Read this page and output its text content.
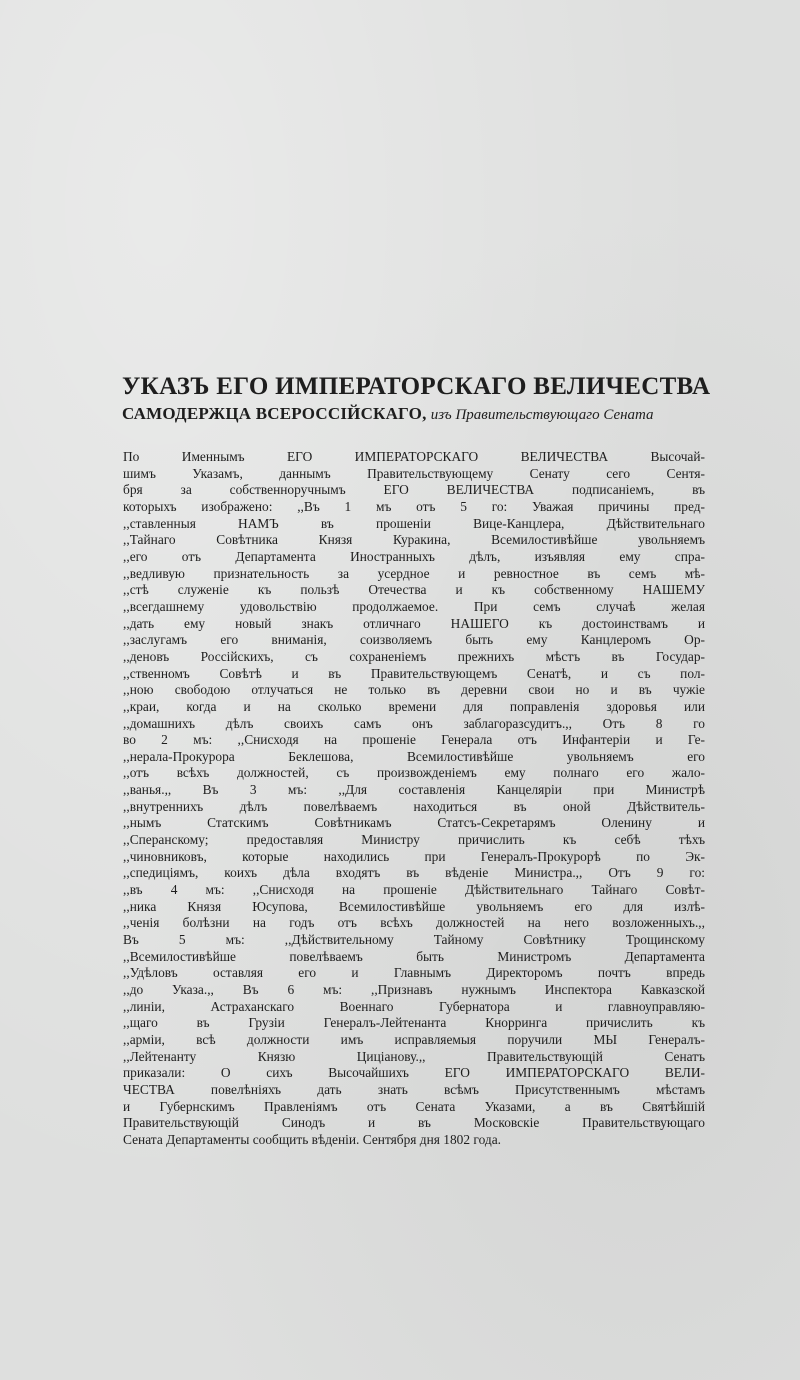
УКАЗЪ ЕГО ИМПЕРАТОРСКАГО ВЕЛИЧЕСТВА
САМОДЕРЖЦА ВСЕРОССІЙСКАГО, изъ Правительствующаго Сената
По Именнымъ ЕГО ИМПЕРАТОРСКАГО ВЕЛИЧЕСТВА Высочай-
шимъ Указамъ, даннымъ Правительствующему Сенату сего Сентя-
бря за собственноручнымъ ЕГО ВЕЛИЧЕСТВА подписаніемъ, въ
которыхъ изображено: ,,Въ 1 мъ отъ 5 го: Уважая причины пред-
,,ставленныя НАМЪ въ прошеніи Вице-Канцлера, Дѣйствительнаго
,,Тайнаго Совѣтника Князя Куракина, Всемилостивѣйше увольняемъ
,,его отъ Департамента Иностранныхъ дѣлъ, изъявляя ему спра-
,,ведливую признательность за усердное и ревностное въ семъ мѣ-
,,стѣ служеніе къ пользѣ Отечества и къ собственному НАШЕМУ
,,всегдашнему удовольствію продолжаемое. При семъ случаѣ желая
,,дать ему новый знакъ отличнаго НАШЕГО къ достоинствамъ и
,,заслугамъ его вниманія, соизволяемъ быть ему Канцлеромъ Ор-
,,деновъ Россійскихъ, съ сохраненіемъ прежнихъ мѣстъ въ Государ-
,,ственномъ Совѣтѣ и въ Правительствующемъ Сенатѣ, и съ пол-
,,ною свободою отлучаться не только въ деревни свои но и въ чужіе
,,краи, когда и на сколько времени для поправленія здоровья или
,,домашнихъ дѣлъ своихъ самъ онъ заблагоразсудитъ.,, Отъ 8 го
во 2 мъ: ,,Снисходя на прошеніе Генерала отъ Инфантеріи и Ге-
,,нерала-Прокурора Беклешова, Всемилостивѣйше увольняемъ его
,,отъ всѣхъ должностей, съ произвожденіемъ ему полнаго его жало-
,,ванья.,, Въ 3 мъ: ,,Для составленія Канцеляріи при Министрѣ
,,внутреннихъ дѣлъ повелѣваемъ находиться въ оной Дѣйствитель-
,,нымъ Статскимъ Совѣтникамъ Статсъ-Секретарямъ Оленину и
,,Сперанскому; предоставляя Министру причислить къ себѣ тѣхъ
,,чиновниковъ, которые находились при Генералъ-Прокурорѣ по Эк-
,,спедиціямъ, коихъ дѣла входятъ въ вѣденіе Министра.,, Отъ 9 го:
,,въ 4 мъ: ,,Снисходя на прошеніе Дѣйствительнаго Тайнаго Совѣт-
,,ника Князя Юсупова, Всемилостивѣйше увольняемъ его для излѣ-
,,ченія болѣзни на годъ отъ всѣхъ должностей на него возложенныхъ.,,
Въ 5 мъ: ,,Дѣйствительному Тайному Совѣтнику Трощинскому
,,Всемилостивѣйше повелѣваемъ быть Министромъ Департамента
,,Удѣловъ оставляя его и Главнымъ Директоромъ почтъ впредь
,,до Указа.,, Въ 6 мъ: ,,Признавъ нужнымъ Инспектора Кавказской
,,линіи, Астраханскаго Военнаго Губернатора и главноуправляю-
,,щаго въ Грузіи Генералъ-Лейтенанта Кнорринга причислить къ
,,арміи, всѣ должности имъ исправляемыя поручили МЫ Генералъ-
,,Лейтенанту Князю Циціанову.,, Правительствующій Сенатъ
приказали: О сихъ Высочайшихъ ЕГО ИМПЕРАТОРСКАГО ВЕЛИ-
ЧЕСТВА повелѣніяхъ дать знать всѣмъ Присутственнымъ мѣстамъ
и Губернскимъ Правленіямъ отъ Сената Указами, а въ Святѣйшій
Правительствующій Синодъ и въ Московскіе Правительствующаго
Сената Департаменты сообщить вѣденіи. Сентября дня 1802 года.
